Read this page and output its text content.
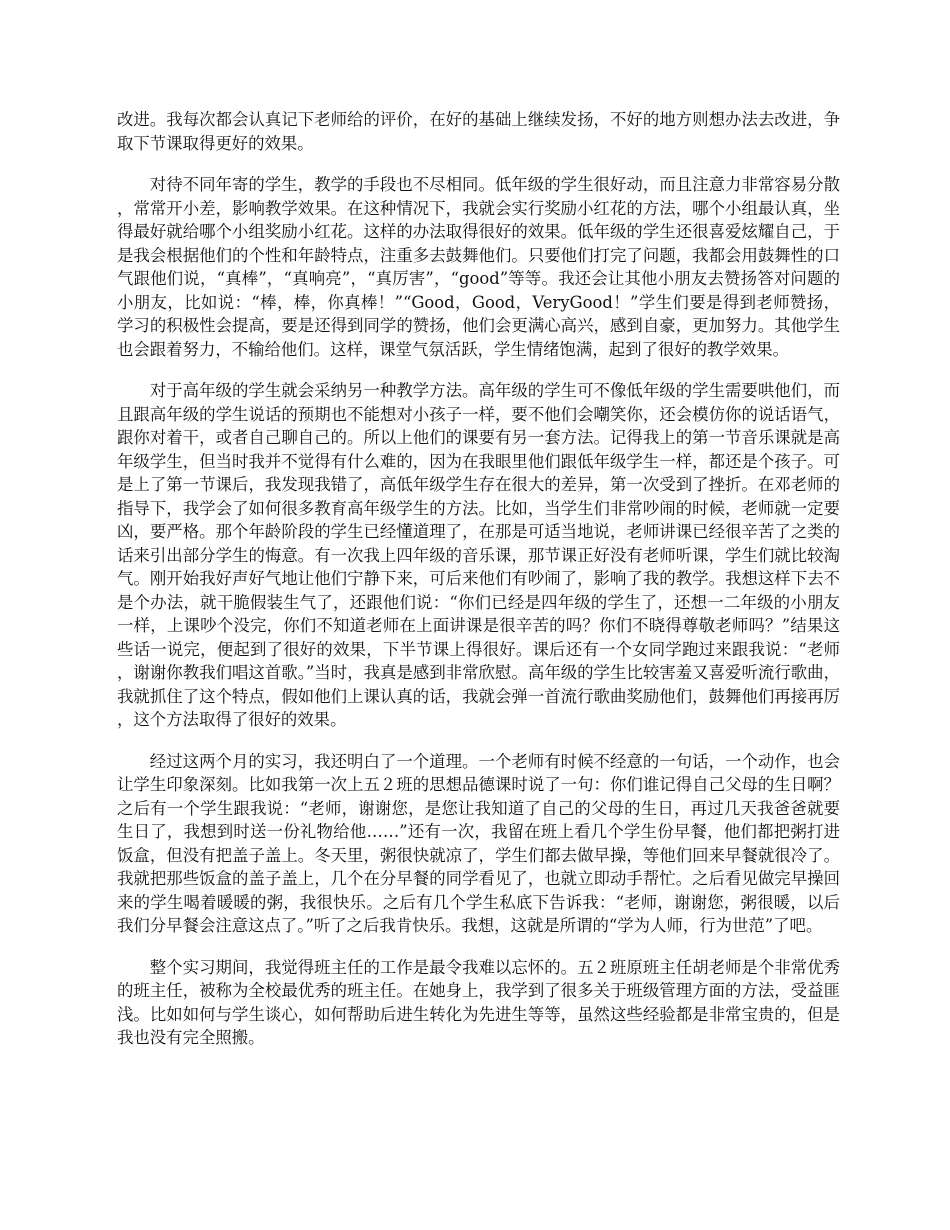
改进。我每次都会认真记下老师给的评价，在好的基础上继续发扬，不好的地方则想办法去改进，争取下节课取得更好的效果。

对待不同年寄的学生，教学的手段也不尽相同。低年级的学生很好动，而且注意力非常容易分散，常常开小差，影响教学效果。在这种情况下，我就会实行奖励小红花的方法，哪个小组最认真，坐得最好就给哪个小组奖励小红花。这样的办法取得很好的效果。低年级的学生还很喜爱炫耀自己，于是我会根据他们的个性和年龄特点，注重多去鼓舞他们。只要他们打完了问题，我都会用鼓舞性的口气跟他们说，“真棒”，“真响亮”，“真厉害”，“good”等等。我还会让其他小朋友去赞扬答对问题的小朋友，比如说：“棒，棒，你真棒！”“Good，Good，VeryGood！”学生们要是得到老师赞扬，学习的积极性会提高，要是还得到同学的赞扬，他们会更满心高兴，感到自豪，更加努力。其他学生也会跟着努力，不输给他们。这样，课堂气氛活跃，学生情绪饱满，起到了很好的教学效果。

对于高年级的学生就会采纳另一种教学方法。高年级的学生可不像低年级的学生需要哄他们，而且跟高年级的学生说话的预期也不能想对小孩子一样，要不他们会嘲笑你，还会模仿你的说话语气，跟你对着干，或者自己聊自己的。所以上他们的课要有另一套方法。记得我上的第一节音乐课就是高年级学生，但当时我并不觉得有什么难的，因为在我眼里他们跟低年级学生一样，都还是个孩子。可是上了第一节课后，我发现我错了，高低年级学生存在很大的差异，第一次受到了挫折。在邓老师的指导下，我学会了如何很多教育高年级学生的方法。比如，当学生们非常吵闹的时候，老师就一定要凶，要严格。那个年龄阶段的学生已经懂道理了，在那是可适当地说，老师讲课已经很辛苦了之类的话来引出部分学生的悔意。有一次我上四年级的音乐课，那节课正好没有老师听课，学生们就比较淘气。刚开始我好声好气地让他们宁静下来，可后来他们有吵闹了，影响了我的教学。我想这样下去不是个办法，就干脆假装生气了，还跟他们说：“你们已经是四年级的学生了，还想一二年级的小朋友一样，上课吵个没完，你们不知道老师在上面讲课是很辛苦的吗？你们不晓得尊敬老师吗？”结果这些话一说完，便起到了很好的效果，下半节课上得很好。课后还有一个女同学跑过来跟我说：“老师，谢谢你教我们唱这首歌。”当时，我真是感到非常欣慰。高年级的学生比较害羞又喜爱听流行歌曲，我就抓住了这个特点，假如他们上课认真的话，我就会弹一首流行歌曲奖励他们，鼓舞他们再接再厉，这个方法取得了很好的效果。

经过这两个月的实习，我还明白了一个道理。一个老师有时候不经意的一句话，一个动作，也会让学生印象深刻。比如我第一次上五２班的思想品德课时说了一句：你们谁记得自己父母的生日啊？之后有一个学生跟我说：“老师，谢谢您，是您让我知道了自己的父母的生日，再过几天我爸爸就要生日了，我想到时送一份礼物给他……”还有一次，我留在班上看几个学生份早餐，他们都把粥打进饭盒，但没有把盖子盖上。冬天里，粥很快就凉了，学生们都去做早操，等他们回来早餐就很冷了。我就把那些饭盒的盖子盖上，几个在分早餐的同学看见了，也就立即动手帮忙。之后看见做完早操回来的学生喝着暖暖的粥，我很快乐。之后有几个学生私底下告诉我：“老师，谢谢您，粥很暖，以后我们分早餐会注意这点了。”听了之后我肯快乐。我想，这就是所谓的“学为人师，行为世范”了吧。

整个实习期间，我觉得班主任的工作是最令我难以忘怀的。五２班原班主任胡老师是个非常优秀的班主任，被称为全校最优秀的班主任。在她身上，我学到了很多关于班级管理方面的方法，受益匪浅。比如如何与学生谈心，如何帮助后进生转化为先进生等等，虽然这些经验都是非常宝贵的，但是我也没有完全照搬。
